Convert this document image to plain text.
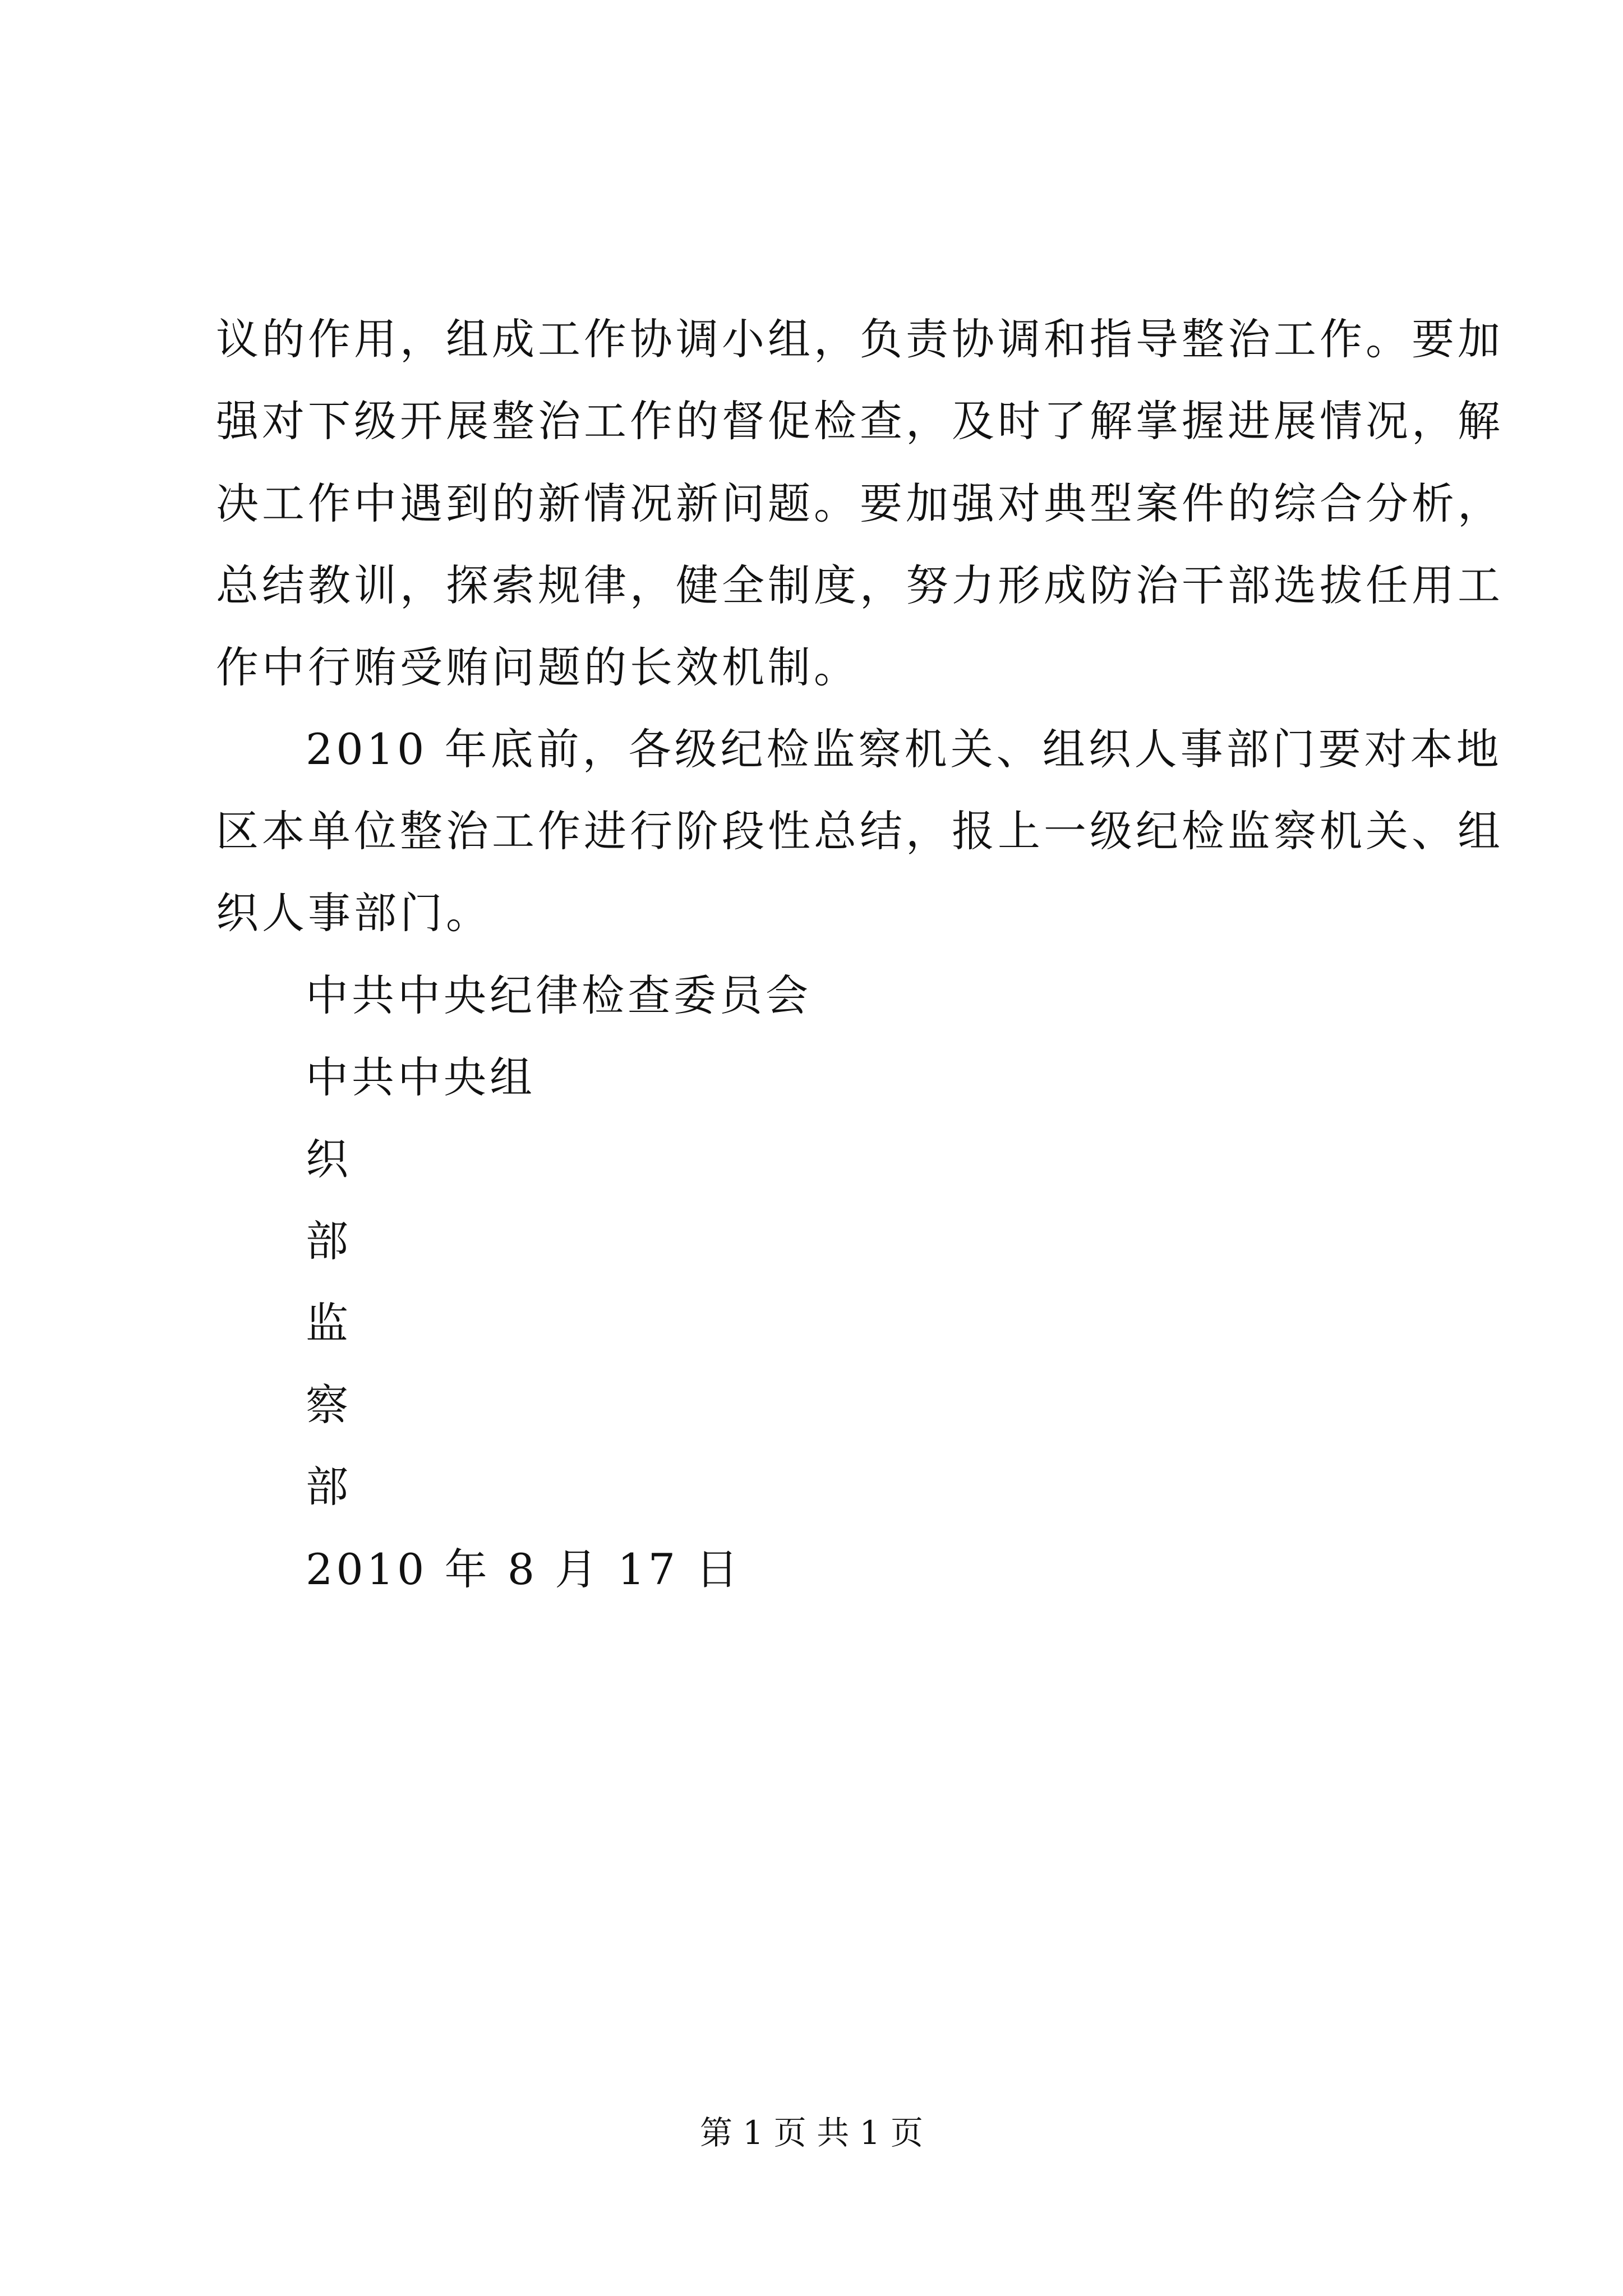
议的作用，组成工作协调小组，负责协调和指导整治工作。要加
强对下级开展整治工作的督促检查，及时了解掌握进展情况，解
决工作中遇到的新情况新问题。要加强对典型案件的综合分析，
总结教训，探索规律，健全制度，努力形成防治干部选拔任用工
作中行贿受贿问题的长效机制。
2010 年底前，各级纪检监察机关、组织人事部门要对本地
区本单位整治工作进行阶段性总结，报上一级纪检监察机关、组
织人事部门。
中共中央纪律检查委员会
中共中央组
织
部
监
察
部
2010 年 8 月 17 日
第 1 页 共 1 页
